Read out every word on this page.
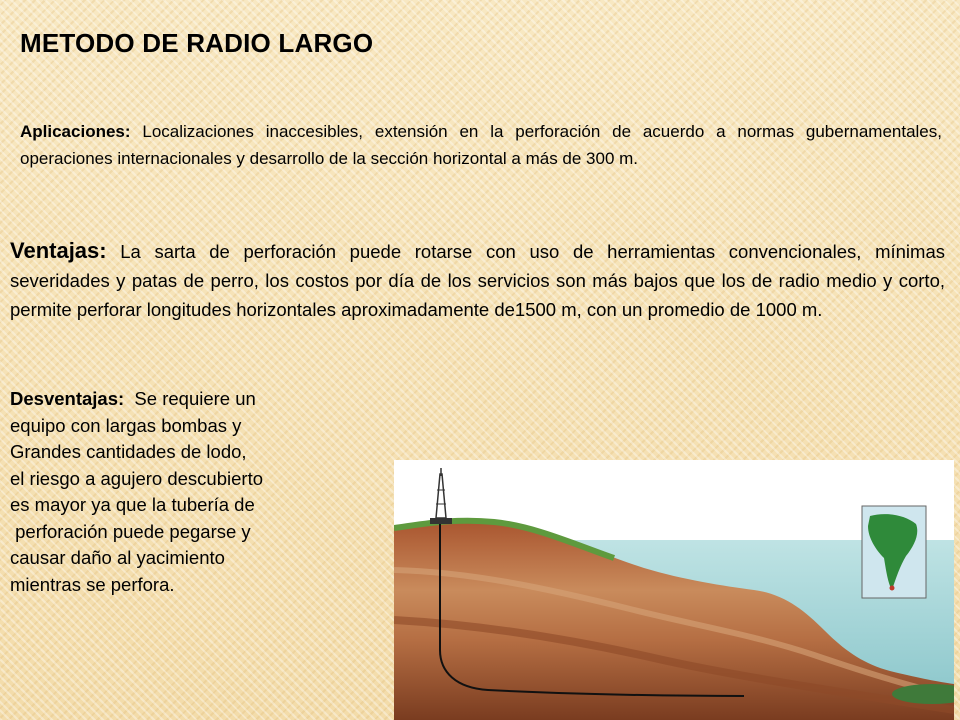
METODO DE RADIO LARGO
Aplicaciones: Localizaciones inaccesibles, extensión en la perforación de acuerdo a normas gubernamentales, operaciones internacionales y desarrollo de la sección horizontal a más de 300 m.
Ventajas: La sarta de perforación puede rotarse con uso de herramientas convencionales, mínimas severidades y patas de perro, los costos por día de los servicios son más bajos que los de radio medio y corto, permite perforar longitudes horizontales aproximadamente de1500 m, con un promedio de 1000 m.
Desventajas:  Se requiere un
equipo con largas bombas y
Grandes cantidades de lodo,
el riesgo a agujero descubierto
es mayor ya que la tubería de
perforación puede pegarse y
causar daño al yacimiento
mientras se perfora.
